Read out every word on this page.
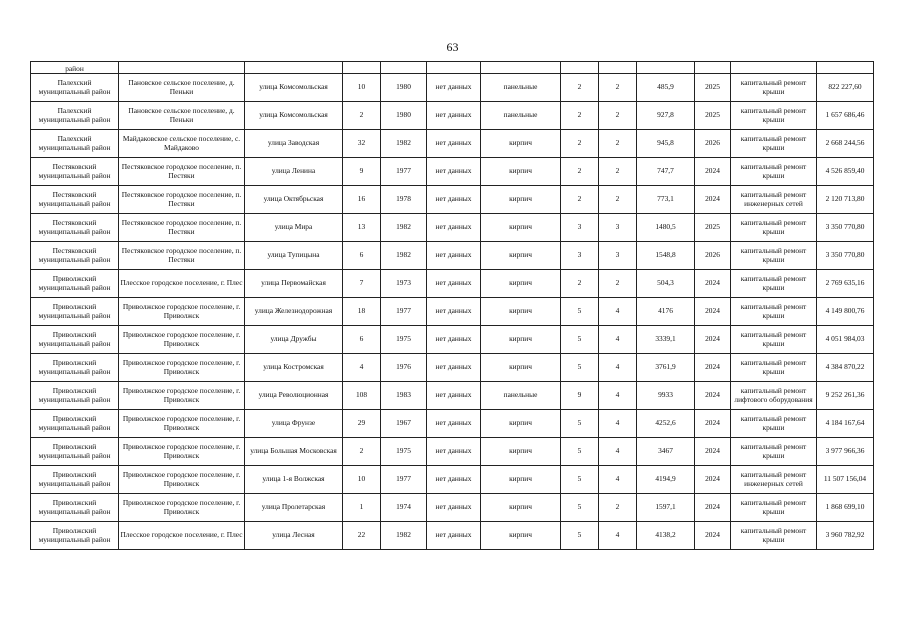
63
район												
Палехский муниципальный район	Пановское сельское поселение, д. Пеньки	улица Комсомольская	10	1980	нет данных	панельные	2	2	485,9	2025	капитальный ремонт крыши	822 227,60
Палехский муниципальный район	Пановское сельское поселение, д. Пеньки	улица Комсомольская	2	1980	нет данных	панельные	2	2	927,8	2025	капитальный ремонт крыши	1 657 686,46
Палехский муниципальный район	Майдаковское сельское поселение, с. Майдаково	улица Заводская	32	1982	нет данных	кирпич	2	2	945,8	2026	капитальный ремонт крыши	2 668 244,56
Пестяковский муниципальный район	Пестяковское городское поселение, п. Пестяки	улица Ленина	9	1977	нет данных	кирпич	2	2	747,7	2024	капитальный ремонт крыши	4 526 859,40
Пестяковский муниципальный район	Пестяковское городское поселение, п. Пестяки	улица Октябрьская	16	1978	нет данных	кирпич	2	2	773,1	2024	капитальный ремонт инженерных сетей	2 120 713,80
Пестяковский муниципальный район	Пестяковское городское поселение, п. Пестяки	улица Мира	13	1982	нет данных	кирпич	3	3	1480,5	2025	капитальный ремонт крыши	3 350 770,80
Пестяковский муниципальный район	Пестяковское городское поселение, п. Пестяки	улица Тупицына	6	1982	нет данных	кирпич	3	3	1548,8	2026	капитальный ремонт крыши	3 350 770,80
Приволжский муниципальный район	Плесское городское поселение, г. Плес	улица Первомайская	7	1973	нет данных	кирпич	2	2	504,3	2024	капитальный ремонт крыши	2 769 635,16
Приволжский муниципальный район	Приволжское городское поселение, г. Приволжск	улица Железнодорожная	18	1977	нет данных	кирпич	5	4	4176	2024	капитальный ремонт крыши	4 149 800,76
Приволжский муниципальный район	Приволжское городское поселение, г. Приволжск	улица Дружбы	6	1975	нет данных	кирпич	5	4	3339,1	2024	капитальный ремонт крыши	4 051 984,03
Приволжский муниципальный район	Приволжское городское поселение, г. Приволжск	улица Костромская	4	1976	нет данных	кирпич	5	4	3761,9	2024	капитальный ремонт крыши	4 384 870,22
Приволжский муниципальный район	Приволжское городское поселение, г. Приволжск	улица Революционная	108	1983	нет данных	панельные	9	4	9933	2024	капитальный ремонт лифтового оборудования	9 252 261,36
Приволжский муниципальный район	Приволжское городское поселение, г. Приволжск	улица Фрунзе	29	1967	нет данных	кирпич	5	4	4252,6	2024	капитальный ремонт крыши	4 184 167,64
Приволжский муниципальный район	Приволжское городское поселение, г. Приволжск	улица Большая Московская	2	1975	нет данных	кирпич	5	4	3467	2024	капитальный ремонт крыши	3 977 966,36
Приволжский муниципальный район	Приволжское городское поселение, г. Приволжск	улица 1-я Волжская	10	1977	нет данных	кирпич	5	4	4194,9	2024	капитальный ремонт инженерных сетей	11 507 156,04
Приволжский муниципальный район	Приволжское городское поселение, г. Приволжск	улица Пролетарская	1	1974	нет данных	кирпич	5	2	1597,1	2024	капитальный ремонт крыши	1 868 699,10
Приволжский муниципальный район	Плесское городское поселение, г. Плес	улица Лесная	22	1982	нет данных	кирпич	5	4	4138,2	2024	капитальный ремонт крыши	3 960 782,92
